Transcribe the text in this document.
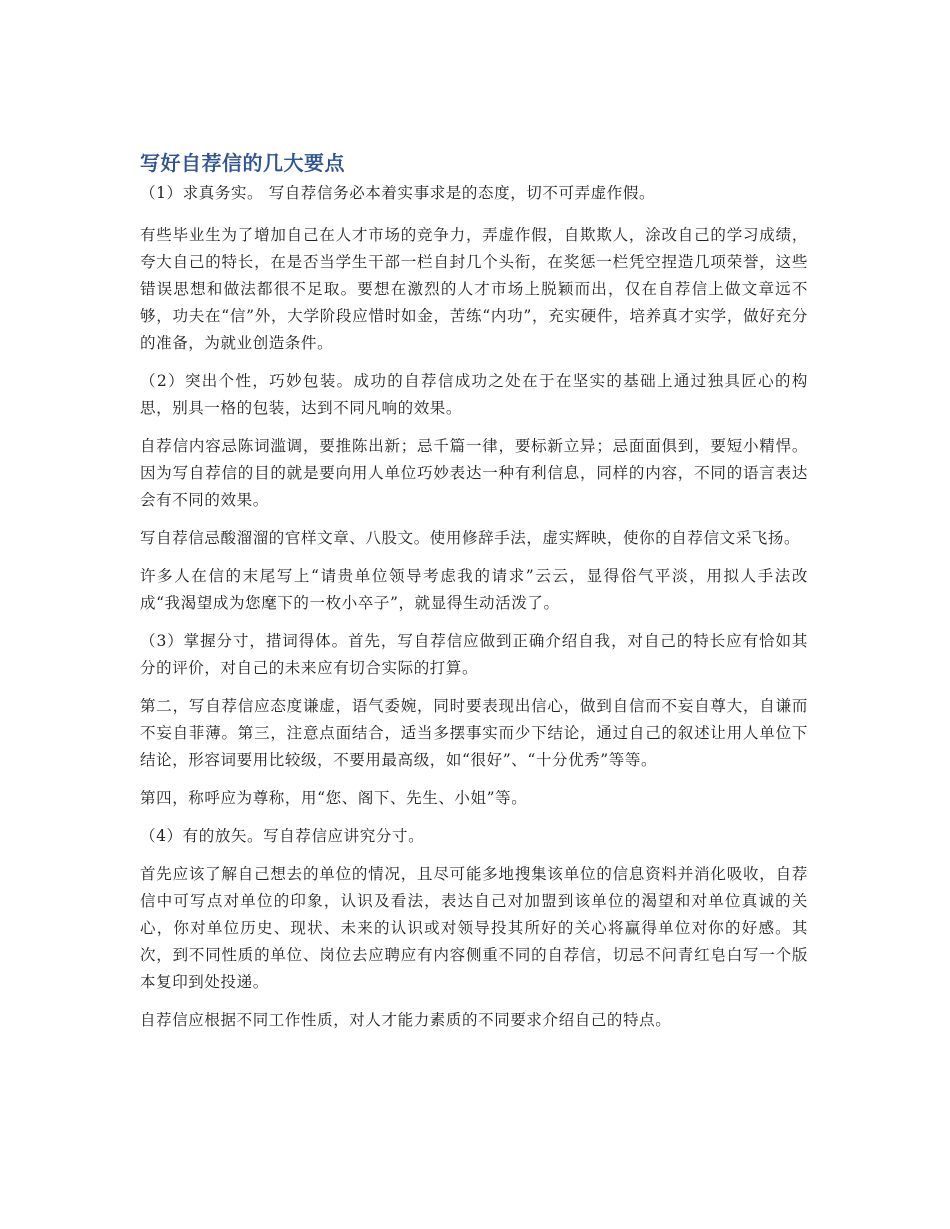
写好自荐信的几大要点

（1）求真务实。 写自荐信务必本着实事求是的态度，切不可弄虚作假。

有些毕业生为了增加自己在人才市场的竞争力，弄虚作假，自欺欺人，涂改自己的学习成绩，夸大自己的特长，在是否当学生干部一栏自封几个头衔，在奖惩一栏凭空捏造几项荣誉，这些错误思想和做法都很不足取。要想在激烈的人才市场上脱颖而出，仅在自荐信上做文章远不够，功夫在“信”外，大学阶段应惜时如金，苦练“内功”，充实硬件，培养真才实学，做好充分的准备，为就业创造条件。

（2）突出个性，巧妙包装。成功的自荐信成功之处在于在坚实的基础上通过独具匠心的构思，别具一格的包装，达到不同凡响的效果。

自荐信内容忌陈词滥调，要推陈出新；忌千篇一律，要标新立异；忌面面俱到，要短小精悍。因为写自荐信的目的就是要向用人单位巧妙表达一种有利信息，同样的内容，不同的语言表达会有不同的效果。

写自荐信忌酸溜溜的官样文章、八股文。使用修辞手法，虚实辉映，使你的自荐信文采飞扬。

许多人在信的末尾写上“请贵单位领导考虑我的请求”云云，显得俗气平淡，用拟人手法改成“我渴望成为您麾下的一枚小卒子”，就显得生动活泼了。

（3）掌握分寸，措词得体。首先，写自荐信应做到正确介绍自我，对自己的特长应有恰如其分的评价，对自己的未来应有切合实际的打算。

第二，写自荐信应态度谦虚，语气委婉，同时要表现出信心，做到自信而不妄自尊大，自谦而不妄自菲薄。第三，注意点面结合，适当多摆事实而少下结论，通过自己的叙述让用人单位下结论，形容词要用比较级，不要用最高级，如“很好”、“十分优秀”等等。

第四，称呼应为尊称，用“您、阁下、先生、小姐”等。

（4）有的放矢。写自荐信应讲究分寸。

首先应该了解自己想去的单位的情况，且尽可能多地搜集该单位的信息资料并消化吸收，自荐信中可写点对单位的印象，认识及看法，表达自己对加盟到该单位的渴望和对单位真诚的关心，你对单位历史、现状、未来的认识或对领导投其所好的关心将赢得单位对你的好感。其次，到不同性质的单位、岗位去应聘应有内容侧重不同的自荐信，切忌不问青红皂白写一个版本复印到处投递。

自荐信应根据不同工作性质，对人才能力素质的不同要求介绍自己的特点。
